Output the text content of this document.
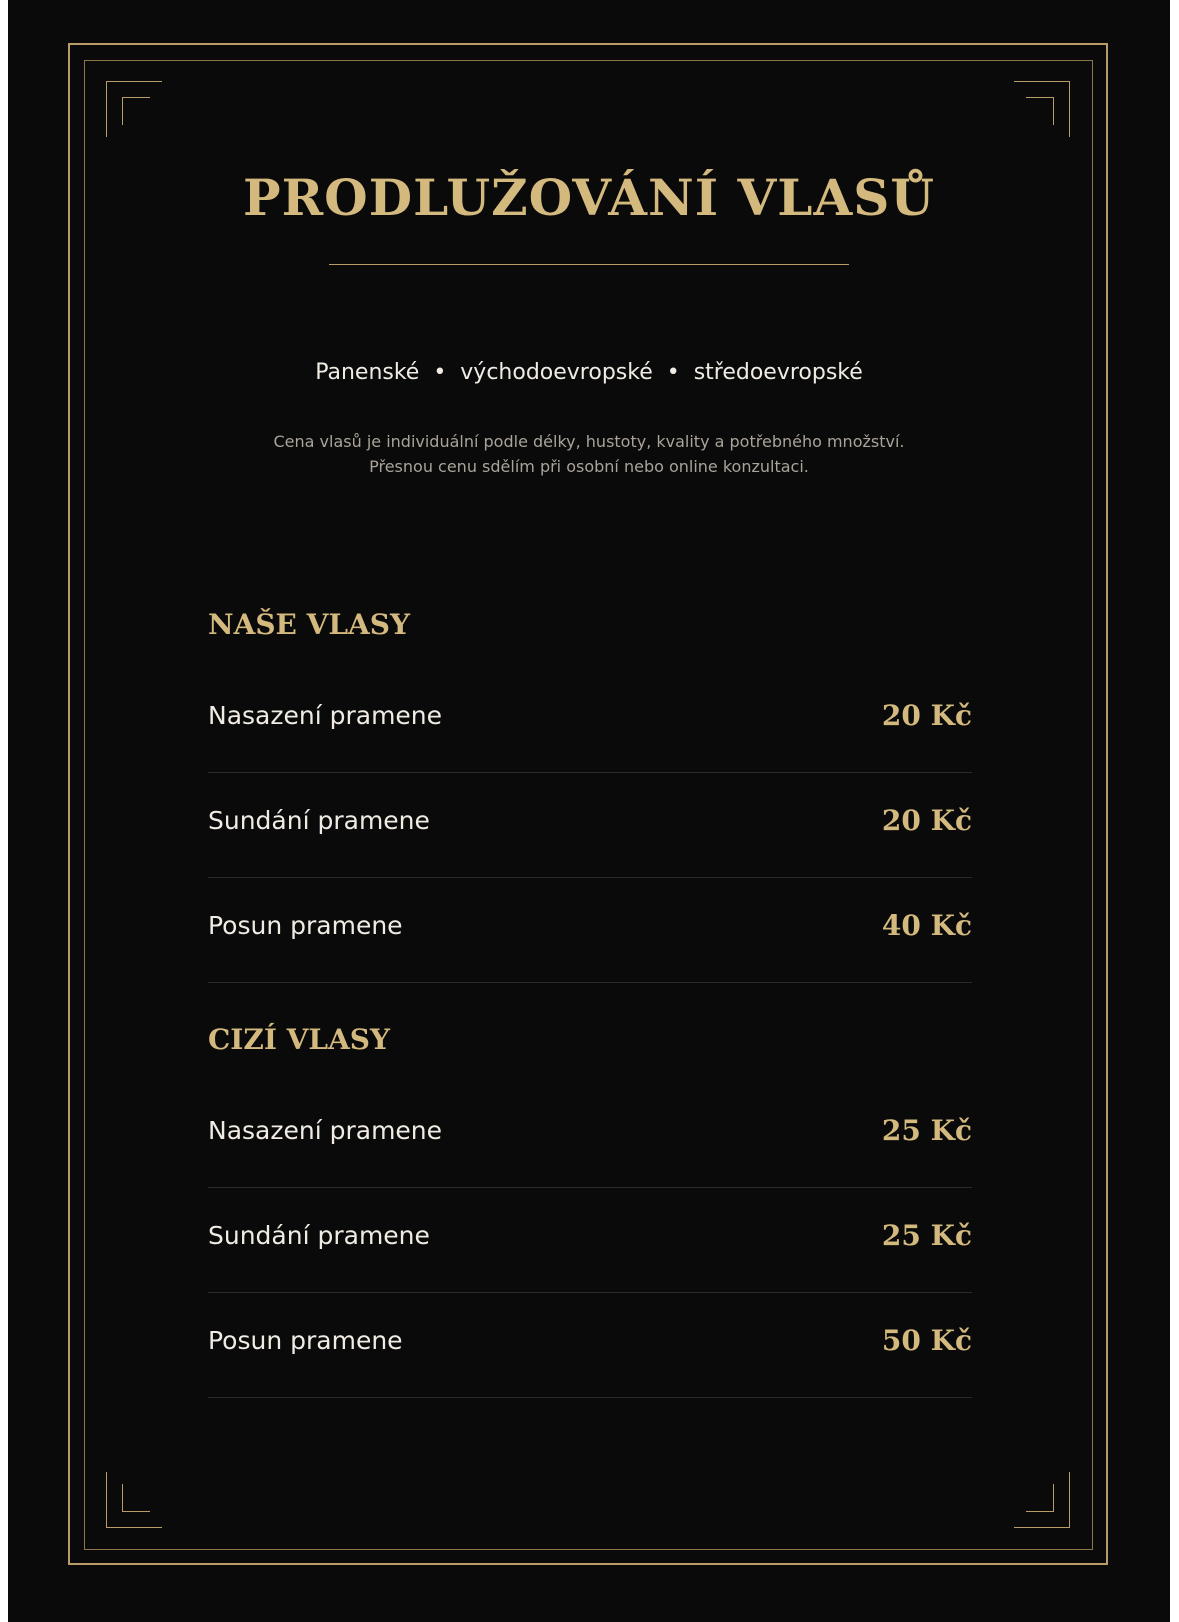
PRODLUŽOVÁNÍ VLASŮ
Panenské  •  východoevropské  •  středoevropské
Cena vlasů je individuální podle délky, hustoty, kvality a potřebného množství.
Přesnou cenu sdělím při osobní nebo online konzultaci.
NAŠE VLASY
Nasazení pramene	20 Kč
Sundání pramene	20 Kč
Posun pramene	40 Kč
CIZÍ VLASY
Nasazení pramene	25 Kč
Sundání pramene	25 Kč
Posun pramene	50 Kč
